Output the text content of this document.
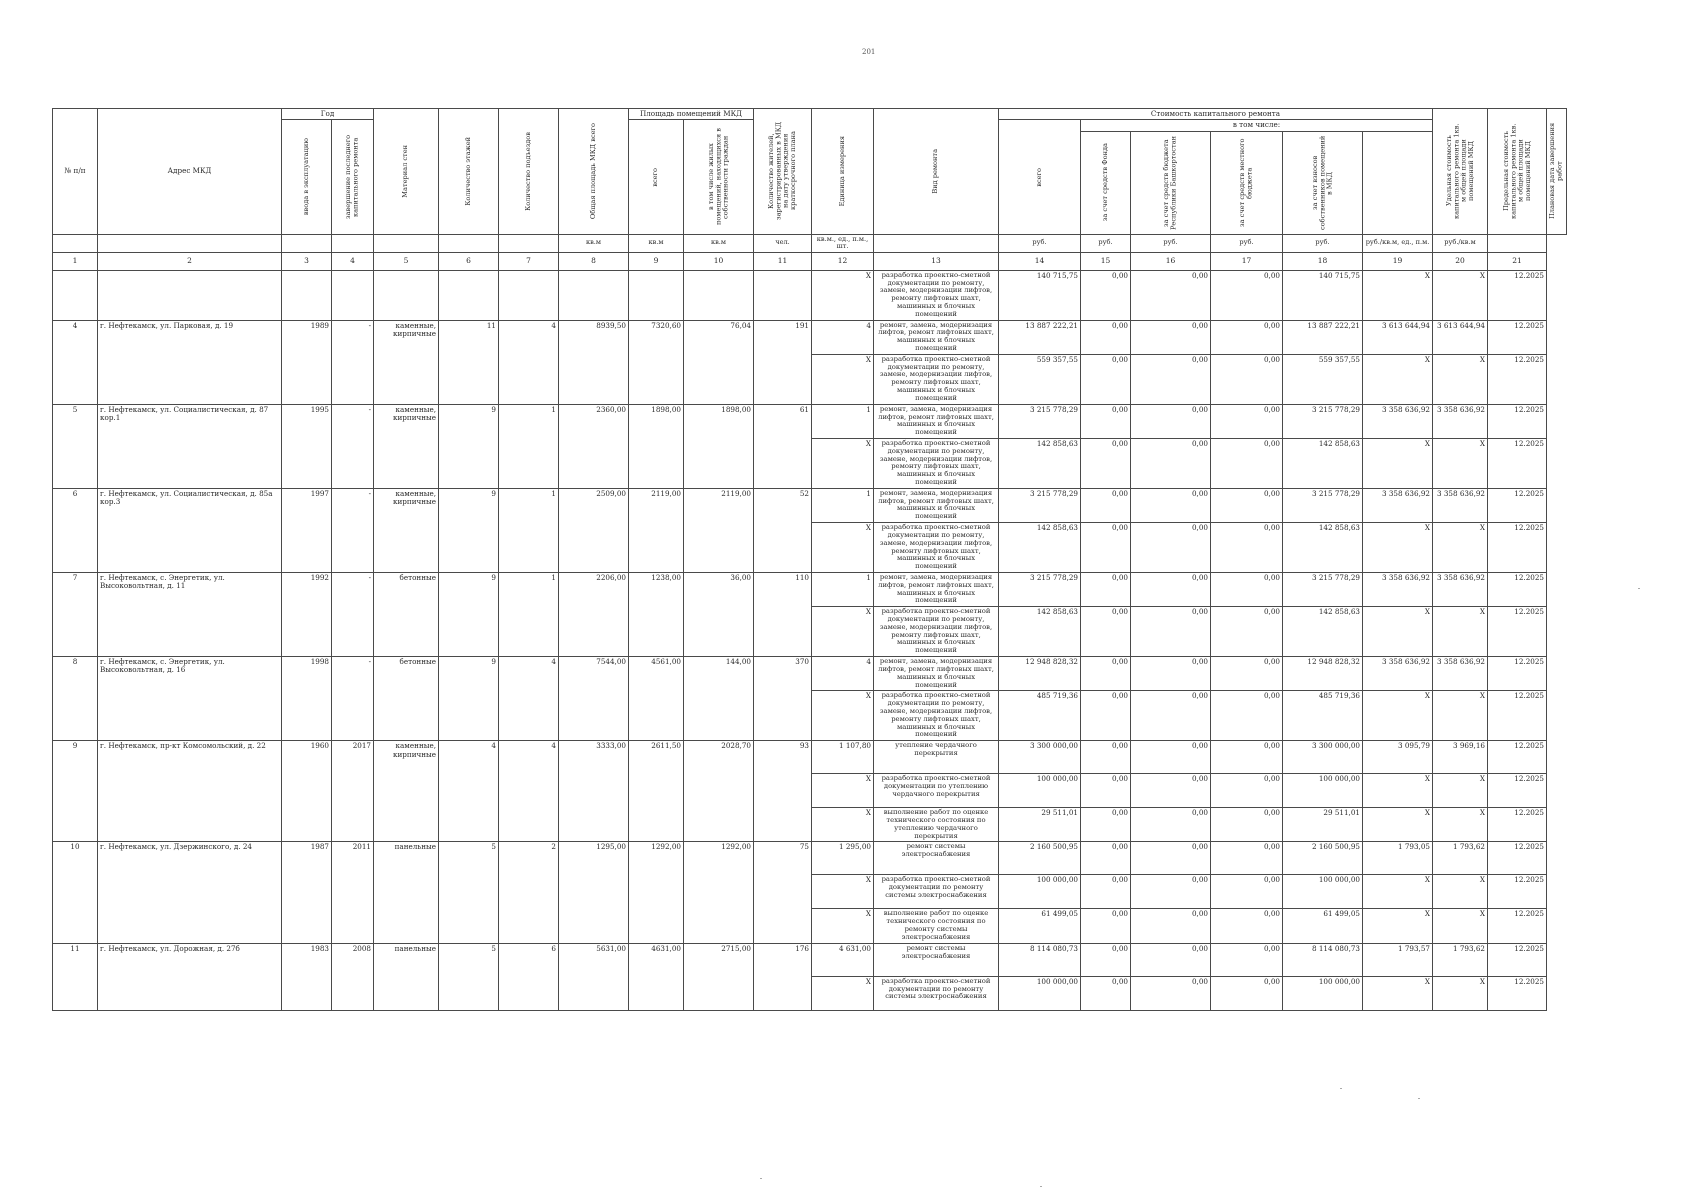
201
№ п/п	Адрес МКД	Год		Материал стен	Количество этажей	Количество подъездов	Общая площадь МКД всего	Площадь помещений МКД		Количество жителей, зарегистрированных в МКД на дату утверждения краткосрочного плана	Единица измерения	Вид ремонта	Стоимость капитального ремонта						Удельная стоимость капитального ремонта 1кв. м общей площади помещений МКД	Предельная стоимость капитального ремонта 1кв. м общей площади помещений МКД	Плановая дата завершения работ

		ввода в эксплуатацию	завершение последнего капитального ремонта					всего	в том числе жилых помещений, находящихся в собственности граждан				всего	в том числе:							

														за счет средств Фонда	за счет средств бюджета Республики Башкортостан	за счет средств местного бюджета	за счет взносов собственников помещений в МКД				

							кв.м	кв.м	кв.м	чел.	кв.м., ед., п.м., шт.		руб.	руб.	руб.	руб.	руб.	руб./кв.м, ед., п.м.	руб./кв.м		
1	2	3	4	5	6	7	8	9	10	11	12	13	14	15	16	17	18	19	20	21	
											X	разработка проектно-сметной документации по ремонту, замене, модернизации лифтов, ремонту лифтовых шахт, машинных и блочных помещений	140 715,75	0,00	0,00	0,00	140 715,75	X	X	12.2025	
4	г. Нефтекамск, ул. Парковая, д. 19	1989	-	каменные, кирпичные	11	4	8939,50	7320,60	76,04	191	4	ремонт, замена, модернизация лифтов, ремонт лифтовых шахт, машинных и блочных помещений	13 887 222,21	0,00	0,00	0,00	13 887 222,21	3 613 644,94	3 613 644,94	12.2025	
											X	разработка проектно-сметной документации по ремонту, замене, модернизации лифтов, ремонту лифтовых шахт, машинных и блочных помещений	559 357,55	0,00	0,00	0,00	559 357,55	X	X	12.2025	
5	г. Нефтекамск, ул. Социалистическая, д. 87 кор.1	1995	-	каменные, кирпичные	9	1	2360,00	1898,00	1898,00	61	1	ремонт, замена, модернизация лифтов, ремонт лифтовых шахт, машинных и блочных помещений	3 215 778,29	0,00	0,00	0,00	3 215 778,29	3 358 636,92	3 358 636,92	12.2025	
											X	разработка проектно-сметной документации по ремонту, замене, модернизации лифтов, ремонту лифтовых шахт, машинных и блочных помещений	142 858,63	0,00	0,00	0,00	142 858,63	X	X	12.2025	
6	г. Нефтекамск, ул. Социалистическая, д. 85а кор.3	1997	-	каменные, кирпичные	9	1	2509,00	2119,00	2119,00	52	1	ремонт, замена, модернизация лифтов, ремонт лифтовых шахт, машинных и блочных помещений	3 215 778,29	0,00	0,00	0,00	3 215 778,29	3 358 636,92	3 358 636,92	12.2025	
											X	разработка проектно-сметной документации по ремонту, замене, модернизации лифтов, ремонту лифтовых шахт, машинных и блочных помещений	142 858,63	0,00	0,00	0,00	142 858,63	X	X	12.2025	
7	г. Нефтекамск, с. Энергетик, ул. Высоковольтная, д. 11	1992	-	бетонные	9	1	2206,00	1238,00	36,00	110	1	ремонт, замена, модернизация лифтов, ремонт лифтовых шахт, машинных и блочных помещений	3 215 778,29	0,00	0,00	0,00	3 215 778,29	3 358 636,92	3 358 636,92	12.2025	
											X	разработка проектно-сметной документации по ремонту, замене, модернизации лифтов, ремонту лифтовых шахт, машинных и блочных помещений	142 858,63	0,00	0,00	0,00	142 858,63	X	X	12.2025	
8	г. Нефтекамск, с. Энергетик, ул. Высоковольтная, д. 16	1998	-	бетонные	9	4	7544,00	4561,00	144,00	370	4	ремонт, замена, модернизация лифтов, ремонт лифтовых шахт, машинных и блочных помещений	12 948 828,32	0,00	0,00	0,00	12 948 828,32	3 358 636,92	3 358 636,92	12.2025	
											X	разработка проектно-сметной документации по ремонту, замене, модернизации лифтов, ремонту лифтовых шахт, машинных и блочных помещений	485 719,36	0,00	0,00	0,00	485 719,36	X	X	12.2025	
9	г. Нефтекамск, пр-кт Комсомольский, д. 22	1960	2017	каменные, кирпичные	4	4	3333,00	2611,50	2028,70	93	1 107,80	утепление чердачного перекрытия	3 300 000,00	0,00	0,00	0,00	3 300 000,00	3 095,79	3 969,16	12.2025	
											X	разработка проектно-сметной документации по утеплению чердачного перекрытия	100 000,00	0,00	0,00	0,00	100 000,00	X	X	12.2025	
											X	выполнение работ по оценке технического состояния по утеплению чердачного перекрытия	29 511,01	0,00	0,00	0,00	29 511,01	X	X	12.2025	
10	г. Нефтекамск, ул. Дзержинского, д. 24	1987	2011	панельные	5	2	1295,00	1292,00	1292,00	75	1 295,00	ремонт системы электроснабжения	2 160 500,95	0,00	0,00	0,00	2 160 500,95	1 793,05	1 793,62	12.2025	
											X	разработка проектно-сметной документации по ремонту системы электроснабжения	100 000,00	0,00	0,00	0,00	100 000,00	X	X	12.2025	
											X	выполнение работ по оценке технического состояния по ремонту системы электроснабжения	61 499,05	0,00	0,00	0,00	61 499,05	X	X	12.2025	
11	г. Нефтекамск, ул. Дорожная, д. 27б	1983	2008	панельные	5	6	5631,00	4631,00	2715,00	176	4 631,00	ремонт системы электроснабжения	8 114 080,73	0,00	0,00	0,00	8 114 080,73	1 793,57	1 793,62	12.2025	
											X	разработка проектно-сметной документации по ремонту системы электроснабжения	100 000,00	0,00	0,00	0,00	100 000,00	X	X	12.2025	
